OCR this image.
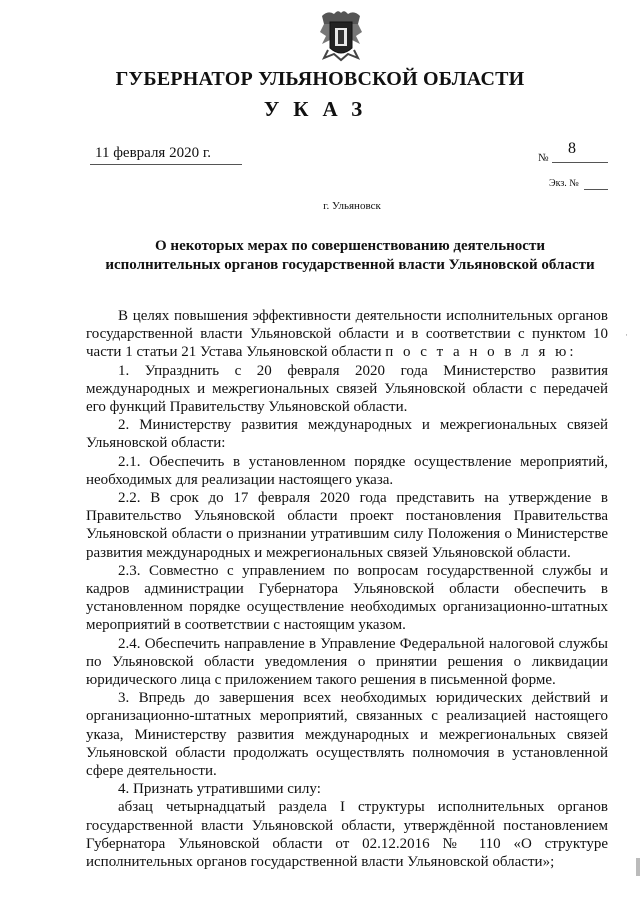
ГУБЕРНАТОР УЛЬЯНОВСКОЙ ОБЛАСТИ
УКАЗ
11 февраля 2020 г.	№
8
Экз. №
г. Ульяновск
О некоторых мерах по совершенствованию деятельности
исполнительных органов государственной власти Ульяновской области

В целях повышения эффективности деятельности исполнительных органов государственной власти Ульяновской области и в соответствии с пунктом 10 части 1 статьи 21 Устава Ульяновской области п о с т а н о в л я ю:

1. Упразднить с 20 февраля 2020 года Министерство развития международных и межрегиональных связей Ульяновской области с передачей его функций Правительству Ульяновской области.

2. Министерству развития международных и межрегиональных связей Ульяновской области:

2.1. Обеспечить в установленном порядке осуществление мероприятий, необходимых для реализации настоящего указа.

2.2. В срок до 17 февраля 2020 года представить на утверждение в Правительство Ульяновской области проект постановления Правительства Ульяновской области о признании утратившим силу Положения о Министерстве развития международных и межрегиональных связей Ульяновской области.

2.3. Совместно с управлением по вопросам государственной службы и кадров администрации Губернатора Ульяновской области обеспечить в установленном порядке осуществление необходимых организационно-штатных мероприятий в соответствии с настоящим указом.

2.4. Обеспечить направление в Управление Федеральной налоговой службы по Ульяновской области уведомления о принятии решения о ликвидации юридического лица с приложением такого решения в письменной форме.

3. Впредь до завершения всех необходимых юридических действий и организационно-штатных мероприятий, связанных с реализацией настоящего указа, Министерству развития международных и межрегиональных связей Ульяновской области продолжать осуществлять полномочия в установленной сфере деятельности.

4. Признать утратившими силу:

абзац четырнадцатый раздела I структуры исполнительных органов государственной власти Ульяновской области, утверждённой постановлением Губернатора Ульяновской области от 02.12.2016 № 110 «О структуре исполнительных органов государственной власти Ульяновской области»;

·
